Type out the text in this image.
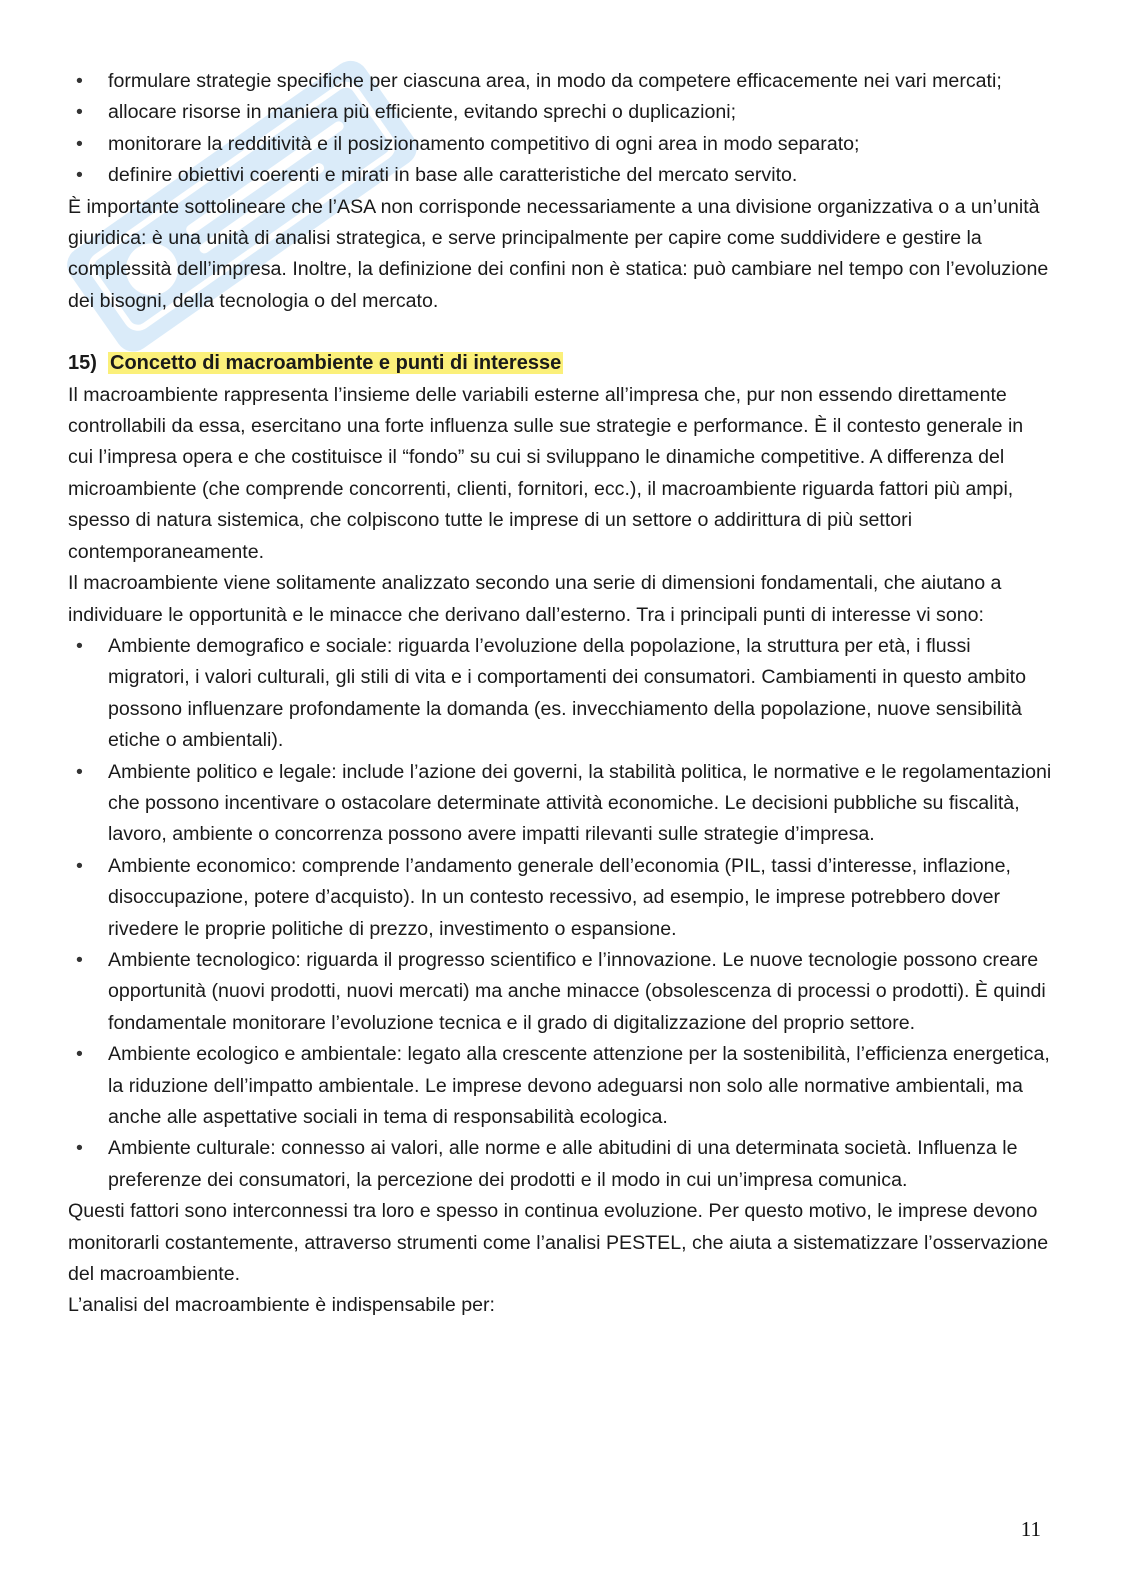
• formulare strategie specifiche per ciascuna area, in modo da competere efficacemente nei vari mercati;
• allocare risorse in maniera più efficiente, evitando sprechi o duplicazioni;
• monitorare la redditività e il posizionamento competitivo di ogni area in modo separato;
• definire obiettivi coerenti e mirati in base alle caratteristiche del mercato servito.

È importante sottolineare che l’ASA non corrisponde necessariamente a una divisione organizzativa o a un’unità giuridica: è una unità di analisi strategica, e serve principalmente per capire come suddividere e gestire la complessità dell’impresa. Inoltre, la definizione dei confini non è statica: può cambiare nel tempo con l’evoluzione dei bisogni, della tecnologia o del mercato.

15) Concetto di macroambiente e punti di interesse

Il macroambiente rappresenta l’insieme delle variabili esterne all’impresa che, pur non essendo direttamente controllabili da essa, esercitano una forte influenza sulle sue strategie e performance. È il contesto generale in cui l’impresa opera e che costituisce il “fondo” su cui si sviluppano le dinamiche competitive. A differenza del microambiente (che comprende concorrenti, clienti, fornitori, ecc.), il macroambiente riguarda fattori più ampi, spesso di natura sistemica, che colpiscono tutte le imprese di un settore o addirittura di più settori contemporaneamente.

Il macroambiente viene solitamente analizzato secondo una serie di dimensioni fondamentali, che aiutano a individuare le opportunità e le minacce che derivano dall’esterno. Tra i principali punti di interesse vi sono:

• Ambiente demografico e sociale: riguarda l’evoluzione della popolazione, la struttura per età, i flussi migratori, i valori culturali, gli stili di vita e i comportamenti dei consumatori. Cambiamenti in questo ambito possono influenzare profondamente la domanda (es. invecchiamento della popolazione, nuove sensibilità etiche o ambientali).
• Ambiente politico e legale: include l’azione dei governi, la stabilità politica, le normative e le regolamentazioni che possono incentivare o ostacolare determinate attività economiche. Le decisioni pubbliche su fiscalità, lavoro, ambiente o concorrenza possono avere impatti rilevanti sulle strategie d’impresa.
• Ambiente economico: comprende l’andamento generale dell’economia (PIL, tassi d’interesse, inflazione, disoccupazione, potere d’acquisto). In un contesto recessivo, ad esempio, le imprese potrebbero dover rivedere le proprie politiche di prezzo, investimento o espansione.
• Ambiente tecnologico: riguarda il progresso scientifico e l’innovazione. Le nuove tecnologie possono creare opportunità (nuovi prodotti, nuovi mercati) ma anche minacce (obsolescenza di processi o prodotti). È quindi fondamentale monitorare l’evoluzione tecnica e il grado di digitalizzazione del proprio settore.
• Ambiente ecologico e ambientale: legato alla crescente attenzione per la sostenibilità, l’efficienza energetica, la riduzione dell’impatto ambientale. Le imprese devono adeguarsi non solo alle normative ambientali, ma anche alle aspettative sociali in tema di responsabilità ecologica.
• Ambiente culturale: connesso ai valori, alle norme e alle abitudini di una determinata società. Influenza le preferenze dei consumatori, la percezione dei prodotti e il modo in cui un’impresa comunica.

Questi fattori sono interconnessi tra loro e spesso in continua evoluzione. Per questo motivo, le imprese devono monitorarli costantemente, attraverso strumenti come l’analisi PESTEL, che aiuta a sistematizzare l’osservazione del macroambiente.

L’analisi del macroambiente è indispensabile per:

11
